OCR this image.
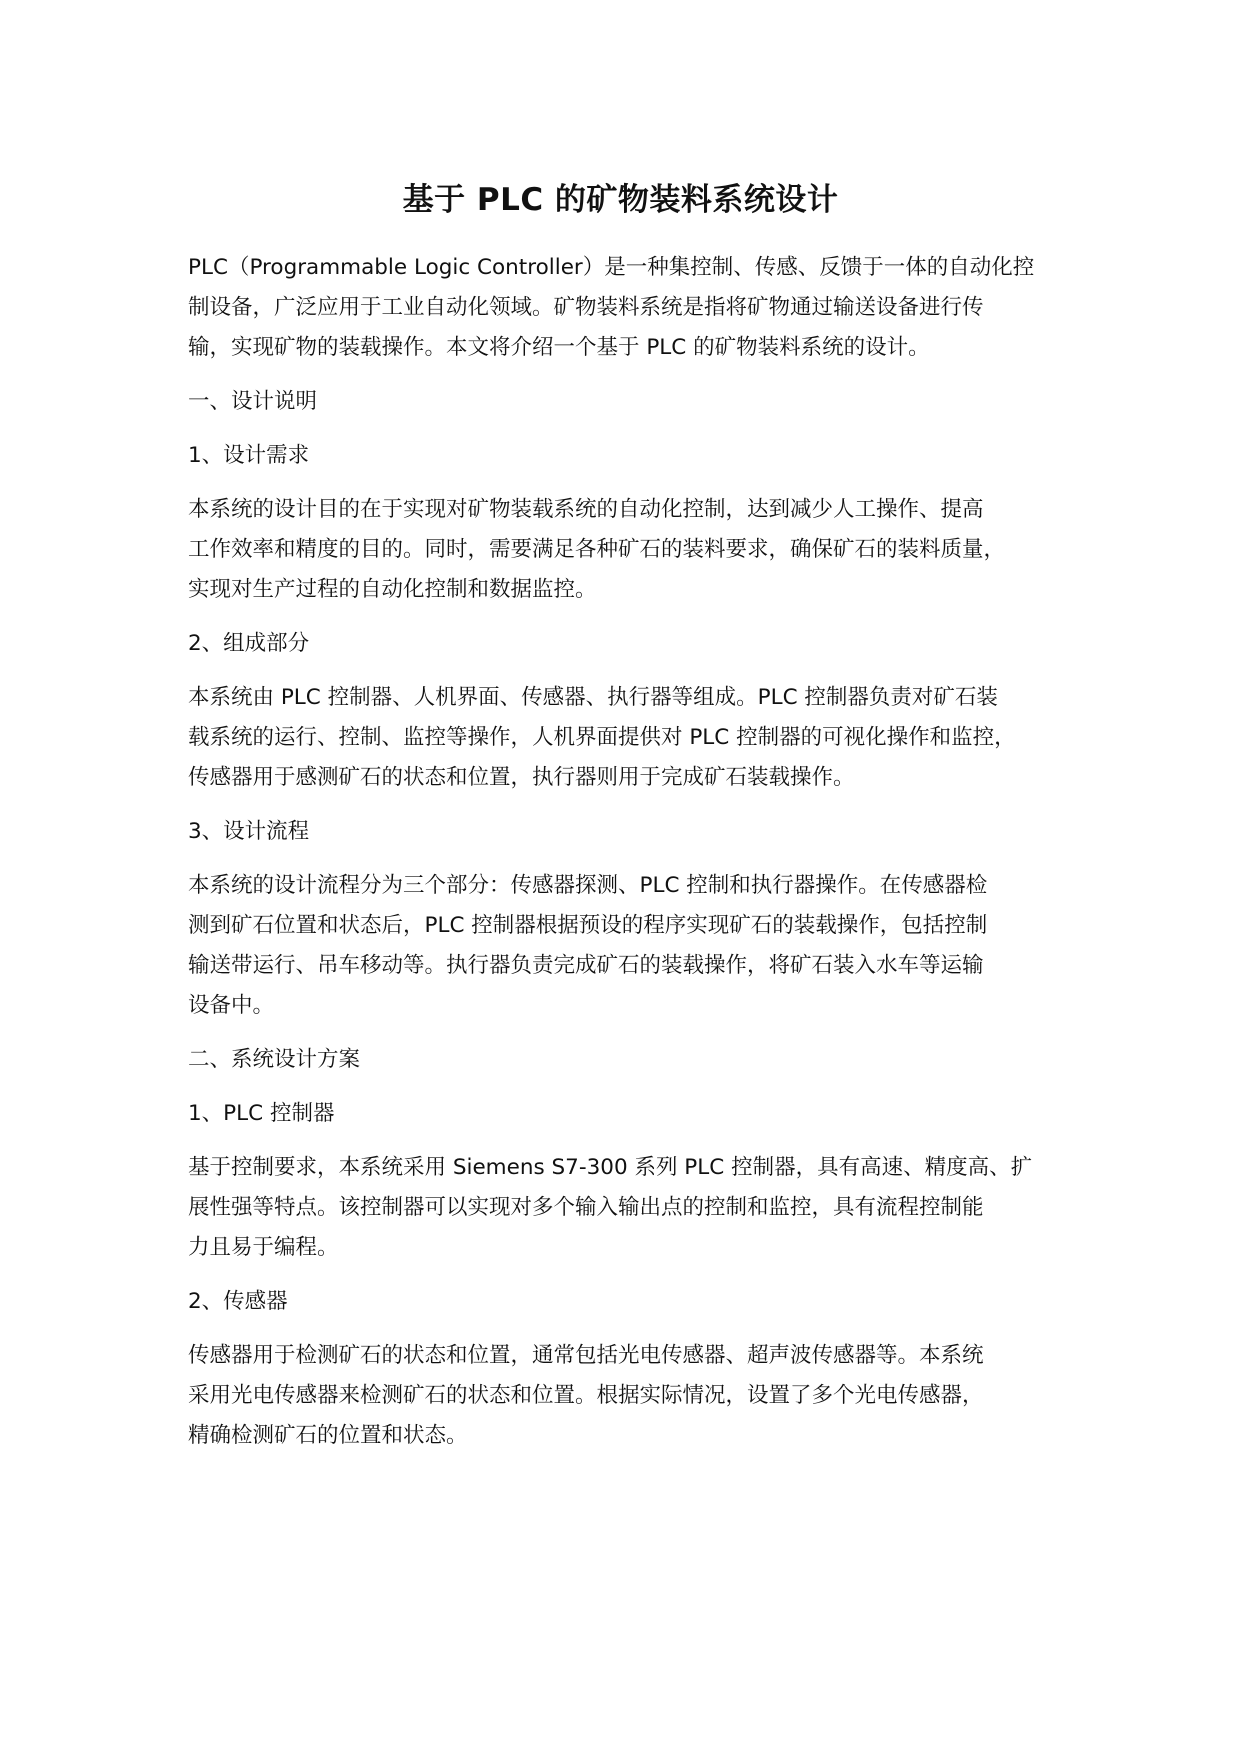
基于 PLC 的矿物装料系统设计
PLC（Programmable Logic Controller）是一种集控制、传感、反馈于一体的自动化控
制设备，广泛应用于工业自动化领域。矿物装料系统是指将矿物通过输送设备进行传
输，实现矿物的装载操作。本文将介绍一个基于 PLC 的矿物装料系统的设计。
一、设计说明
1、设计需求
本系统的设计目的在于实现对矿物装载系统的自动化控制，达到减少人工操作、提高
工作效率和精度的目的。同时，需要满足各种矿石的装料要求，确保矿石的装料质量，
实现对生产过程的自动化控制和数据监控。
2、组成部分
本系统由 PLC 控制器、人机界面、传感器、执行器等组成。PLC 控制器负责对矿石装
载系统的运行、控制、监控等操作，人机界面提供对 PLC 控制器的可视化操作和监控，
传感器用于感测矿石的状态和位置，执行器则用于完成矿石装载操作。
3、设计流程
本系统的设计流程分为三个部分：传感器探测、PLC 控制和执行器操作。在传感器检
测到矿石位置和状态后，PLC 控制器根据预设的程序实现矿石的装载操作，包括控制
输送带运行、吊车移动等。执行器负责完成矿石的装载操作，将矿石装入水车等运输
设备中。
二、系统设计方案
1、PLC 控制器
基于控制要求，本系统采用 Siemens S7-300 系列 PLC 控制器，具有高速、精度高、扩
展性强等特点。该控制器可以实现对多个输入输出点的控制和监控，具有流程控制能
力且易于编程。
2、传感器
传感器用于检测矿石的状态和位置，通常包括光电传感器、超声波传感器等。本系统
采用光电传感器来检测矿石的状态和位置。根据实际情况，设置了多个光电传感器，
精确检测矿石的位置和状态。
